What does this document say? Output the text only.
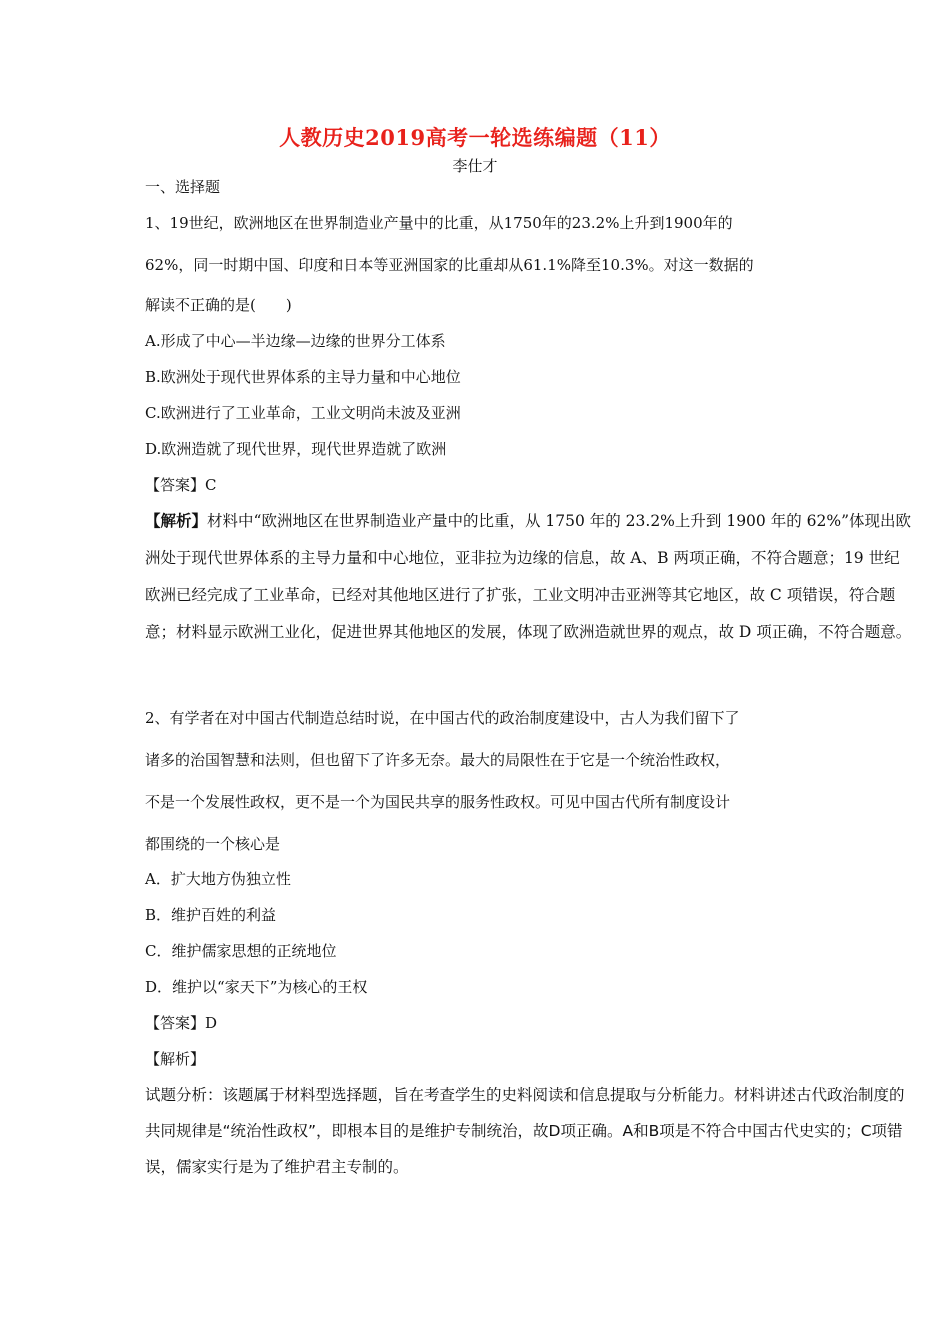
人教历史2019高考一轮选练编题（11）
李仕才
一、选择题
1、19世纪，欧洲地区在世界制造业产量中的比重，从1750年的23.2%上升到1900年的
62%，同一时期中国、印度和日本等亚洲国家的比重却从61.1%降至10.3%。对这一数据的
解读不正确的是(　　)
A.形成了中心—半边缘—边缘的世界分工体系
B.欧洲处于现代世界体系的主导力量和中心地位
C.欧洲进行了工业革命，工业文明尚未波及亚洲
D.欧洲造就了现代世界，现代世界造就了欧洲
【答案】C
【解析】材料中“欧洲地区在世界制造业产量中的比重，从 1750 年的 23.2%上升到 1900 年的 62%”体现出欧洲处于现代世界体系的主导力量和中心地位，亚非拉为边缘的信息，故 A、B 两项正确，不符合题意；19 世纪欧洲已经完成了工业革命，已经对其他地区进行了扩张，工业文明冲击亚洲等其它地区，故 C 项错误，符合题意；材料显示欧洲工业化，促进世界其他地区的发展，体现了欧洲造就世界的观点，故 D 项正确，不符合题意。
2、有学者在对中国古代制造总结时说，在中国古代的政治制度建设中，古人为我们留下了
诸多的治国智慧和法则，但也留下了许多无奈。最大的局限性在于它是一个统治性政权，
不是一个发展性政权，更不是一个为国民共享的服务性政权。可见中国古代所有制度设计
都围绕的一个核心是
A．扩大地方伪独立性
B．维护百姓的利益
C．维护儒家思想的正统地位
D．维护以“家天下”为核心的王权
【答案】D
【解析】
试题分析：该题属于材料型选择题，旨在考查学生的史料阅读和信息提取与分析能力。材料讲述古代政治制度的共同规律是“统治性政权”，即根本目的是维护专制统治，故D项正确。A和B项是不符合中国古代史实的；C项错误，儒家实行是为了维护君主专制的。
